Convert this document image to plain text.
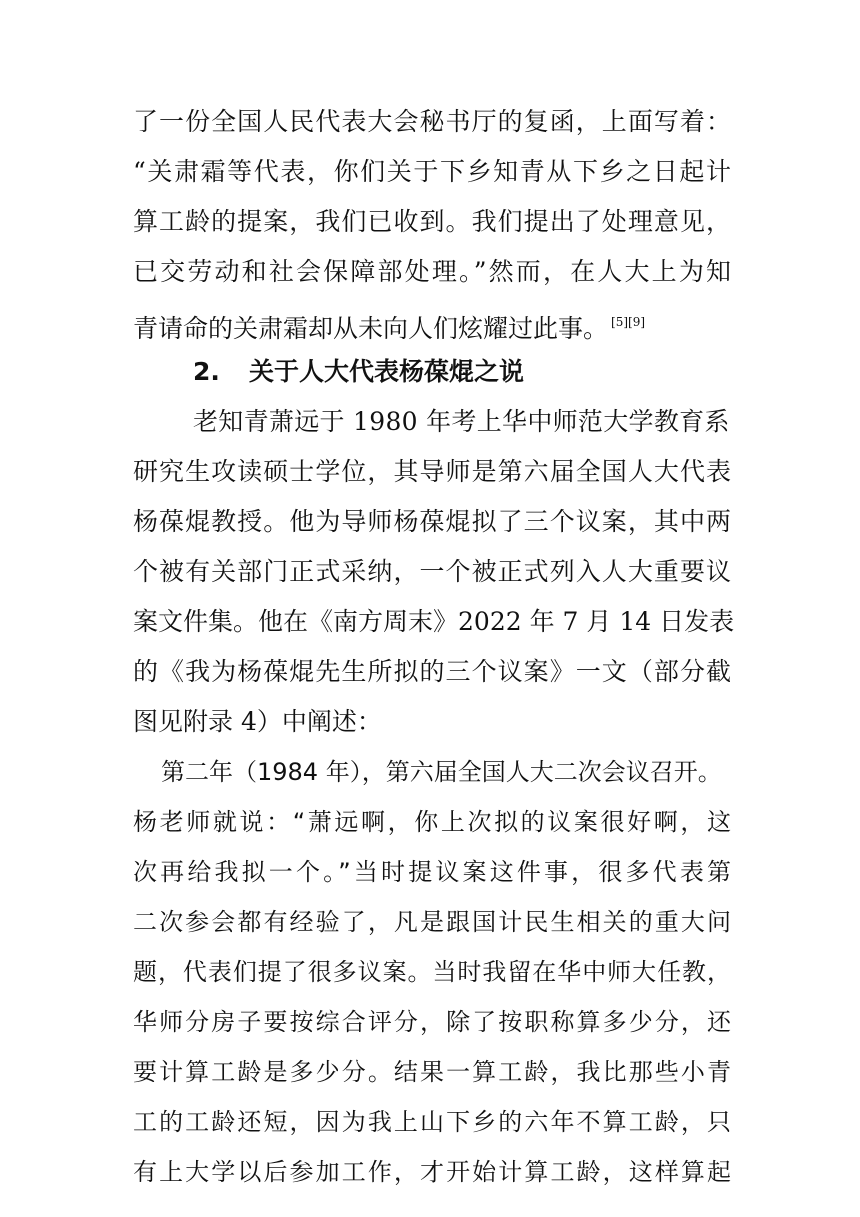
了一份全国人民代表大会秘书厅的复函，上面写着：
“关肃霜等代表，你们关于下乡知青从下乡之日起计
算工龄的提案，我们已收到。我们提出了处理意见，
已交劳动和社会保障部处理。”然而，在人大上为知
青请命的关肃霜却从未向人们炫耀过此事。 [5][9]
2. 关于人大代表杨葆焜之说
老知青萧远于 1980 年考上华中师范大学教育系
研究生攻读硕士学位，其导师是第六届全国人大代表
杨葆焜教授。他为导师杨葆焜拟了三个议案，其中两
个被有关部门正式采纳，一个被正式列入人大重要议
案文件集。他在《南方周末》2022 年 7 月 14 日发表
的《我为杨葆焜先生所拟的三个议案》一文（部分截
图见附录 4）中阐述：
第二年（1984 年），第六届全国人大二次会议召开。
杨老师就说：“萧远啊，你上次拟的议案很好啊，这
次再给我拟一个。”当时提议案这件事，很多代表第
二次参会都有经验了，凡是跟国计民生相关的重大问
题，代表们提了很多议案。当时我留在华中师大任教，
华师分房子要按综合评分，除了按职称算多少分，还
要计算工龄是多少分。结果一算工龄，我比那些小青
工的工龄还短，因为我上山下乡的六年不算工龄，只
有上大学以后参加工作，才开始计算工龄，这样算起
